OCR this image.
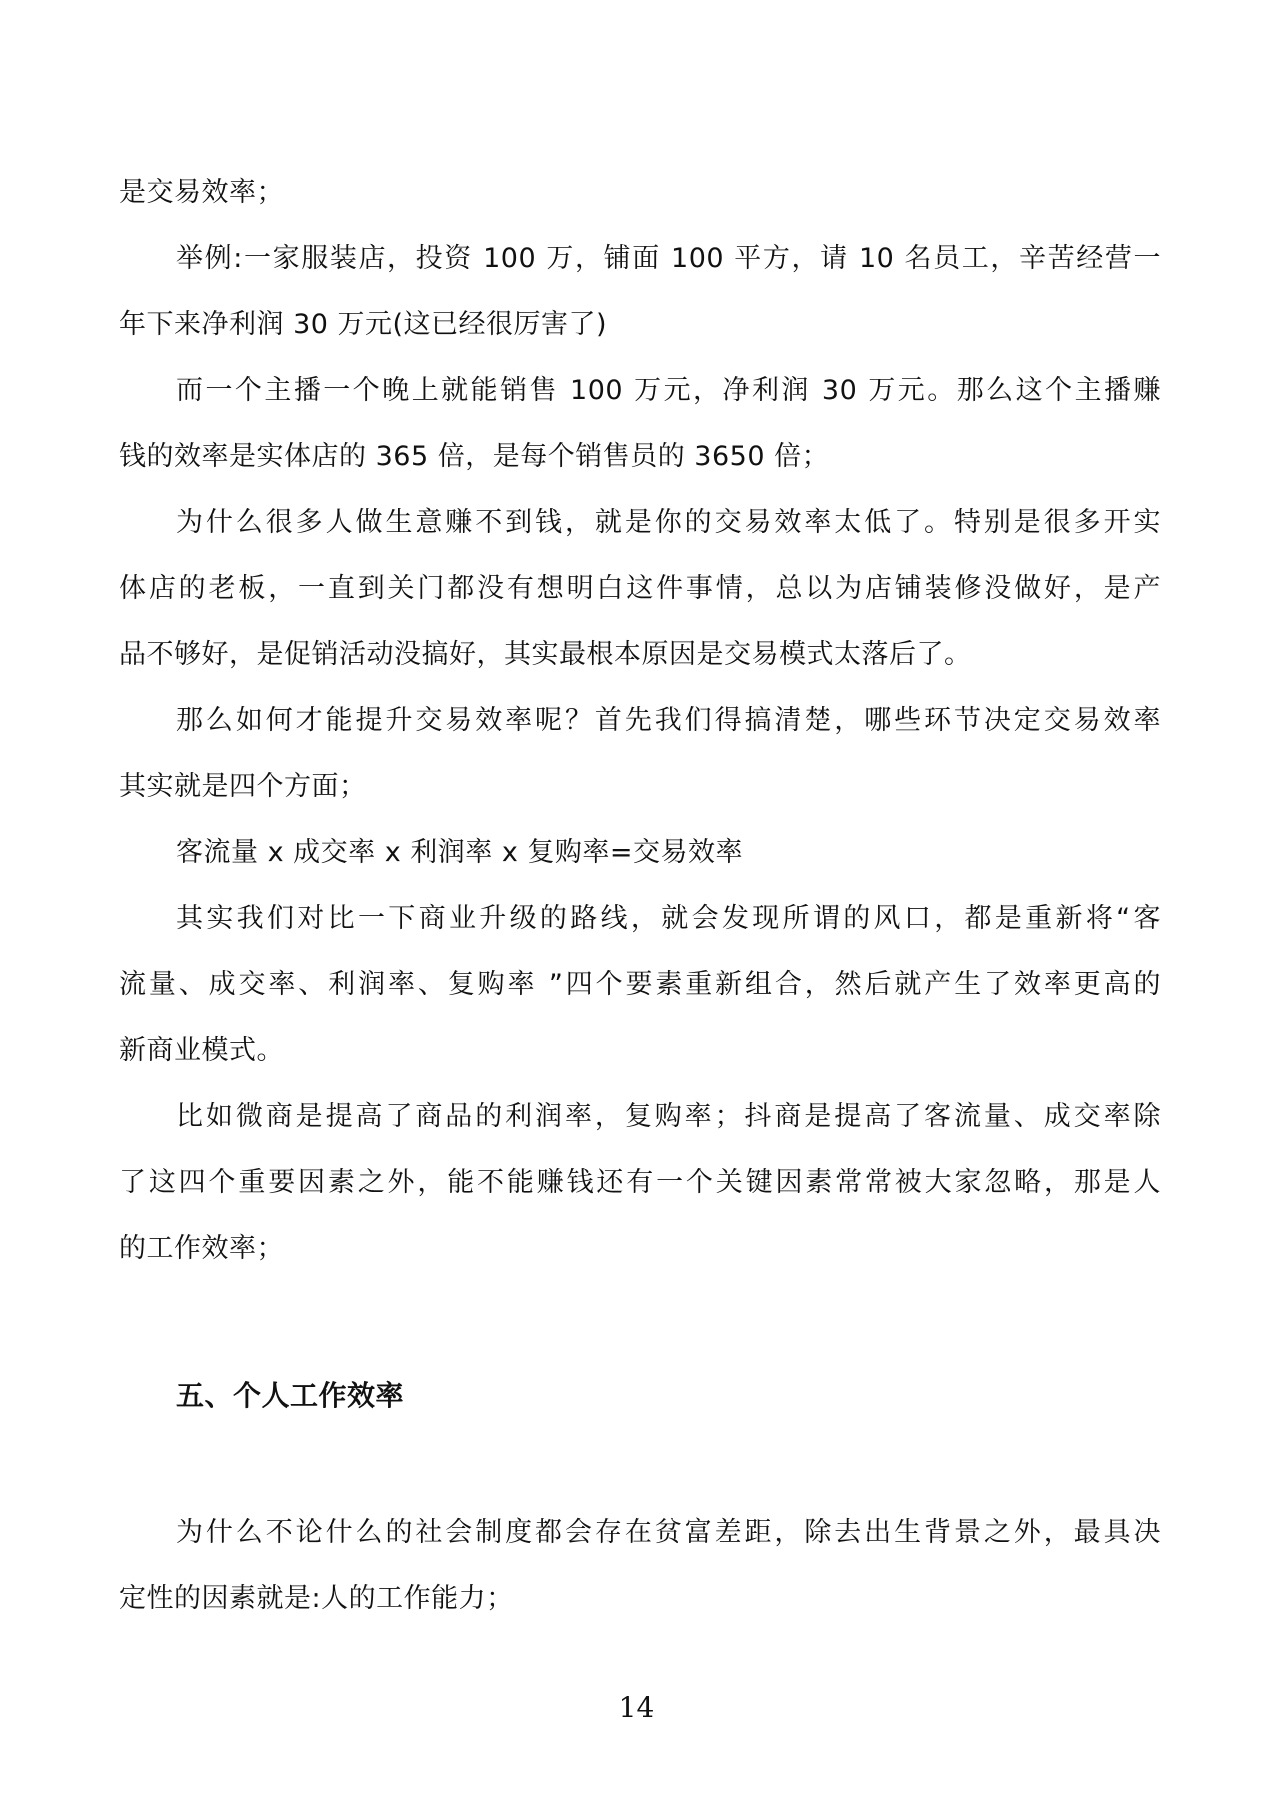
是交易效率；
举例:一家服装店，投资 100 万，铺面 100 平方，请 10 名员工，辛苦经营一
年下来净利润 30 万元(这已经很厉害了)
而一个主播一个晚上就能销售 100 万元，净利润 30 万元。那么这个主播赚
钱的效率是实体店的 365 倍，是每个销售员的 3650 倍；
为什么很多人做生意赚不到钱，就是你的交易效率太低了。特别是很多开实
体店的老板，一直到关门都没有想明白这件事情，总以为店铺装修没做好，是产
品不够好，是促销活动没搞好，其实最根本原因是交易模式太落后了。
那么如何才能提升交易效率呢？首先我们得搞清楚，哪些环节决定交易效率
其实就是四个方面；
客流量 x 成交率 x 利润率 x 复购率=交易效率
其实我们对比一下商业升级的路线，就会发现所谓的风口，都是重新将“客
流量、成交率、利润率、复购率 ”四个要素重新组合，然后就产生了效率更高的
新商业模式。
比如微商是提高了商品的利润率，复购率；抖商是提高了客流量、成交率除
了这四个重要因素之外，能不能赚钱还有一个关键因素常常被大家忽略，那是人
的工作效率；
五、个人工作效率
为什么不论什么的社会制度都会存在贫富差距，除去出生背景之外，最具决
定性的因素就是:人的工作能力；
14
